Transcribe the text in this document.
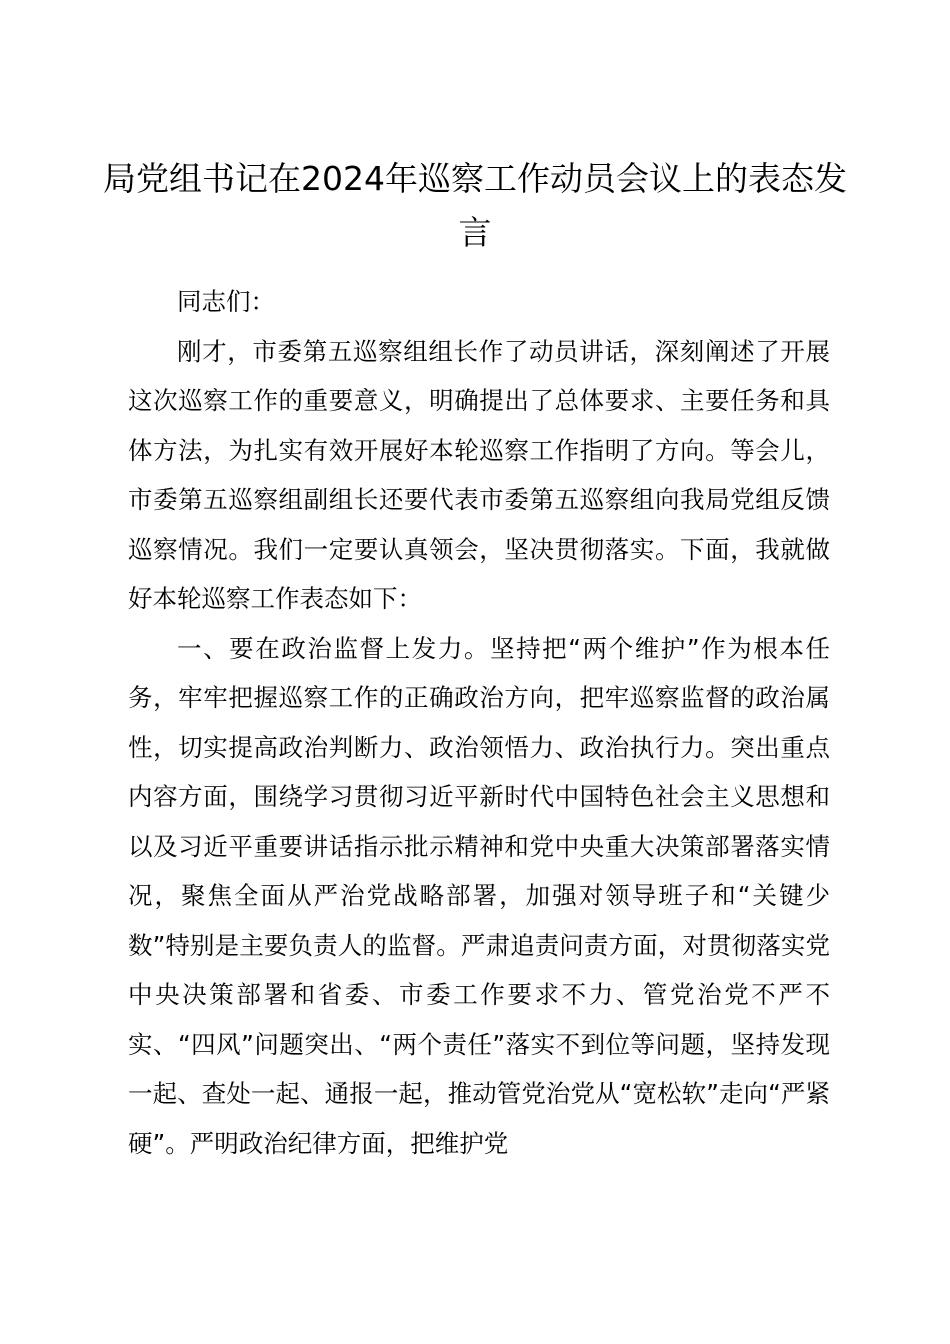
局党组书记在2024年巡察工作动员会议上的表态发言

同志们：

刚才，市委第五巡察组组长作了动员讲话，深刻阐述了开展这次巡察工作的重要意义，明确提出了总体要求、主要任务和具体方法，为扎实有效开展好本轮巡察工作指明了方向。等会儿，市委第五巡察组副组长还要代表市委第五巡察组向我局党组反馈巡察情况。我们一定要认真领会，坚决贯彻落实。下面，我就做好本轮巡察工作表态如下：

一、要在政治监督上发力。坚持把“两个维护”作为根本任务，牢牢把握巡察工作的正确政治方向，把牢巡察监督的政治属性，切实提高政治判断力、政治领悟力、政治执行力。突出重点内容方面，围绕学习贯彻习近平新时代中国特色社会主义思想和以及习近平重要讲话指示批示精神和党中央重大决策部署落实情况，聚焦全面从严治党战略部署，加强对领导班子和“关键少数”特别是主要负责人的监督。严肃追责问责方面，对贯彻落实党中央决策部署和省委、市委工作要求不力、管党治党不严不实、“四风”问题突出、“两个责任”落实不到位等问题，坚持发现一起、查处一起、通报一起，推动管党治党从“宽松软”走向“严紧硬”。严明政治纪律方面，把维护党
